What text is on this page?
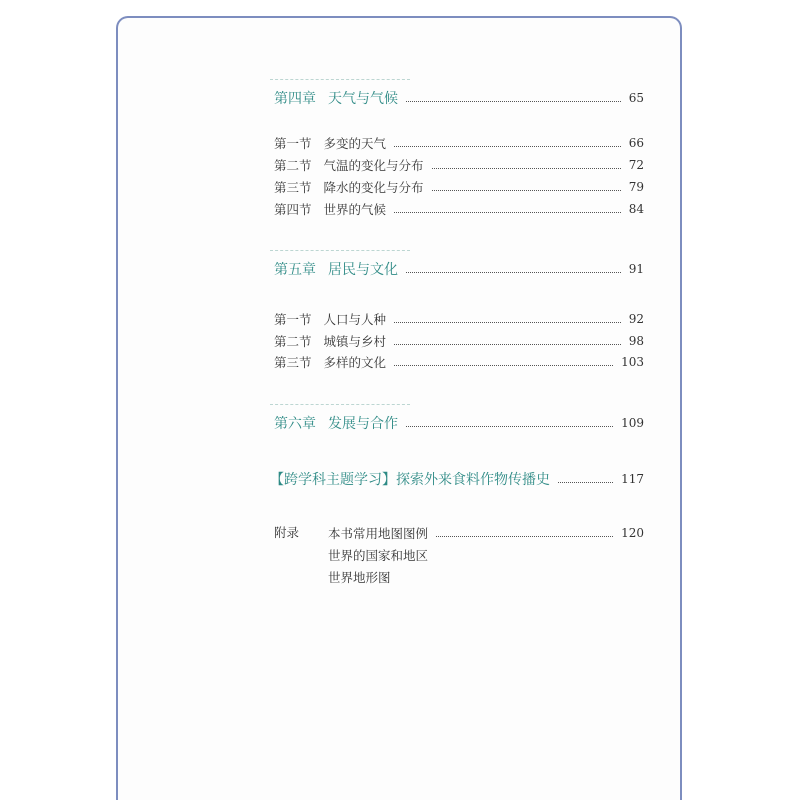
第四章 天气与气候	65
第一节 多变的天气	66
第二节 气温的变化与分布	72
第三节 降水的变化与分布	79
第四节 世界的气候	84
第五章 居民与文化	91
第一节 人口与人种	92
第二节 城镇与乡村	98
第三节 多样的文化	103
第六章 发展与合作	109
【跨学科主题学习】探索外来食料作物传播史	117
附录 本书常用地图图例	120
世界的国家和地区
世界地形图
